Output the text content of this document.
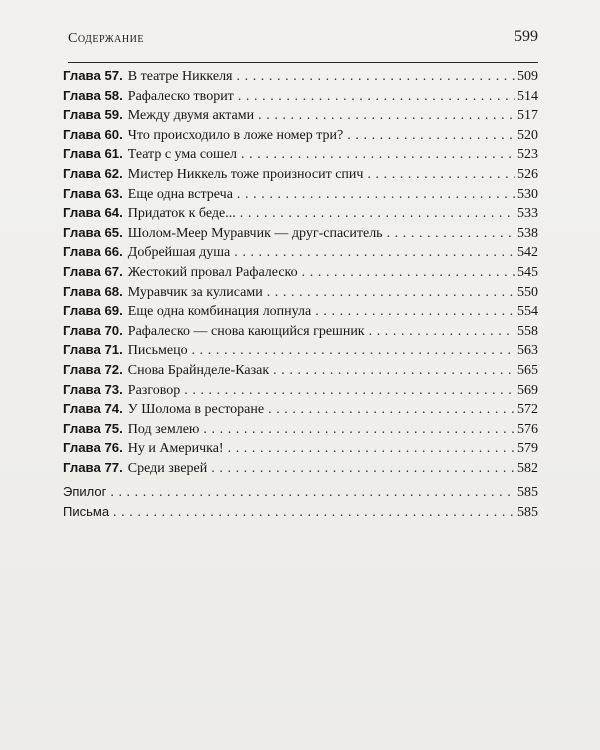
Содержание	599
Глава 57. В театре Никкеля .....	509
Глава 58. Рафалеско творит .....	514
Глава 59. Между двумя актами .....	517
Глава 60. Что происходило в ложе номер три? .....	520
Глава 61. Театр с ума сошел .....	523
Глава 62. Мистер Никкель тоже произносит спич .....	526
Глава 63. Еще одна встреча .....	530
Глава 64. Придаток к беде... .....	533
Глава 65. Шолом-Меер Муравчик — друг-спаситель .....	538
Глава 66. Добрейшая душа .....	542
Глава 67. Жестокий провал Рафалеско .....	545
Глава 68. Муравчик за кулисами .....	550
Глава 69. Еще одна комбинация лопнула .....	554
Глава 70. Рафалеско — снова кающийся грешник .....	558
Глава 71. Письмецо .....	563
Глава 72. Снова Брайнделе-Казак .....	565
Глава 73. Разговор .....	569
Глава 74. У Шолома в ресторане .....	572
Глава 75. Под землею .....	576
Глава 76. Ну и Америчка! .....	579
Глава 77. Среди зверей .....	582
Эпилог .....	585
Письма .....	585
